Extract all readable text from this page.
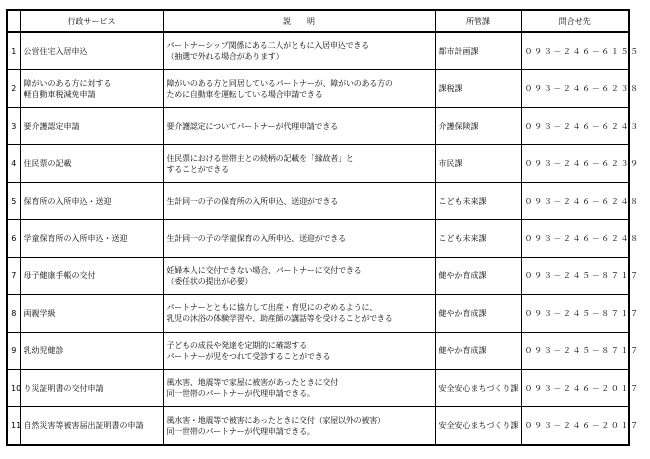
	行政サービス	説　　明	所管課	問合せ先
1	公営住宅入居申込	パートナーシップ関係にある二人がともに入居申込できる
（抽選で外れる場合があります）	都市計画課	０９３－２４６－６１５５
2	障がいのある方に対する
軽自動車税減免申請	障がいのある方と同居しているパートナーが、障がいのある方の
ために自動車を運転している場合申請できる	課税課	０９３－２４６－６２３８
3	要介護認定申請	要介護認定についてパートナーが代理申請できる	介護保険課	０９３－２４６－６２４３
4	住民票の記載	住民票における世帯主との続柄の記載を「縁故者」と
することができる	市民課	０９３－２４６－６２３９
5	保育所の入所申込・送迎	生計同一の子の保育所の入所申込、送迎ができる	こども未来課	０９３－２４６－６２４８
6	学童保育所の入所申込・送迎	生計同一の子の学童保育の入所申込、送迎ができる	こども未来課	０９３－２４６－６２４８
7	母子健康手帳の交付	妊婦本人に交付できない場合、パートナーに交付できる
（委任状の提出が必要）	健やか育成課	０９３－２４５－８７１７
8	両親学級	パートナーとともに協力して出産・育児にのぞめるように、
乳児の沐浴の体験学習や、助産師の講話等を受けることができる	健やか育成課	０９３－２４５－８７１７
9	乳幼児健診	子どもの成長や発達を定期的に確認する
パートナーが児をつれて受診することができる	健やか育成課	０９３－２４５－８７１７
10	り災証明書の交付申請	風水害、地震等で家屋に被害があったときに交付
同一世帯のパートナーが代理申請できる。	安全安心まちづくり課	０９３－２４６－２０１７
11	自然災害等被害届出証明書の申請	風水害・地震等で被害にあったときに交付（家屋以外の被害）
同一世帯のパートナーが代理申請できる。	安全安心まちづくり課	０９３－２４６－２０１７
